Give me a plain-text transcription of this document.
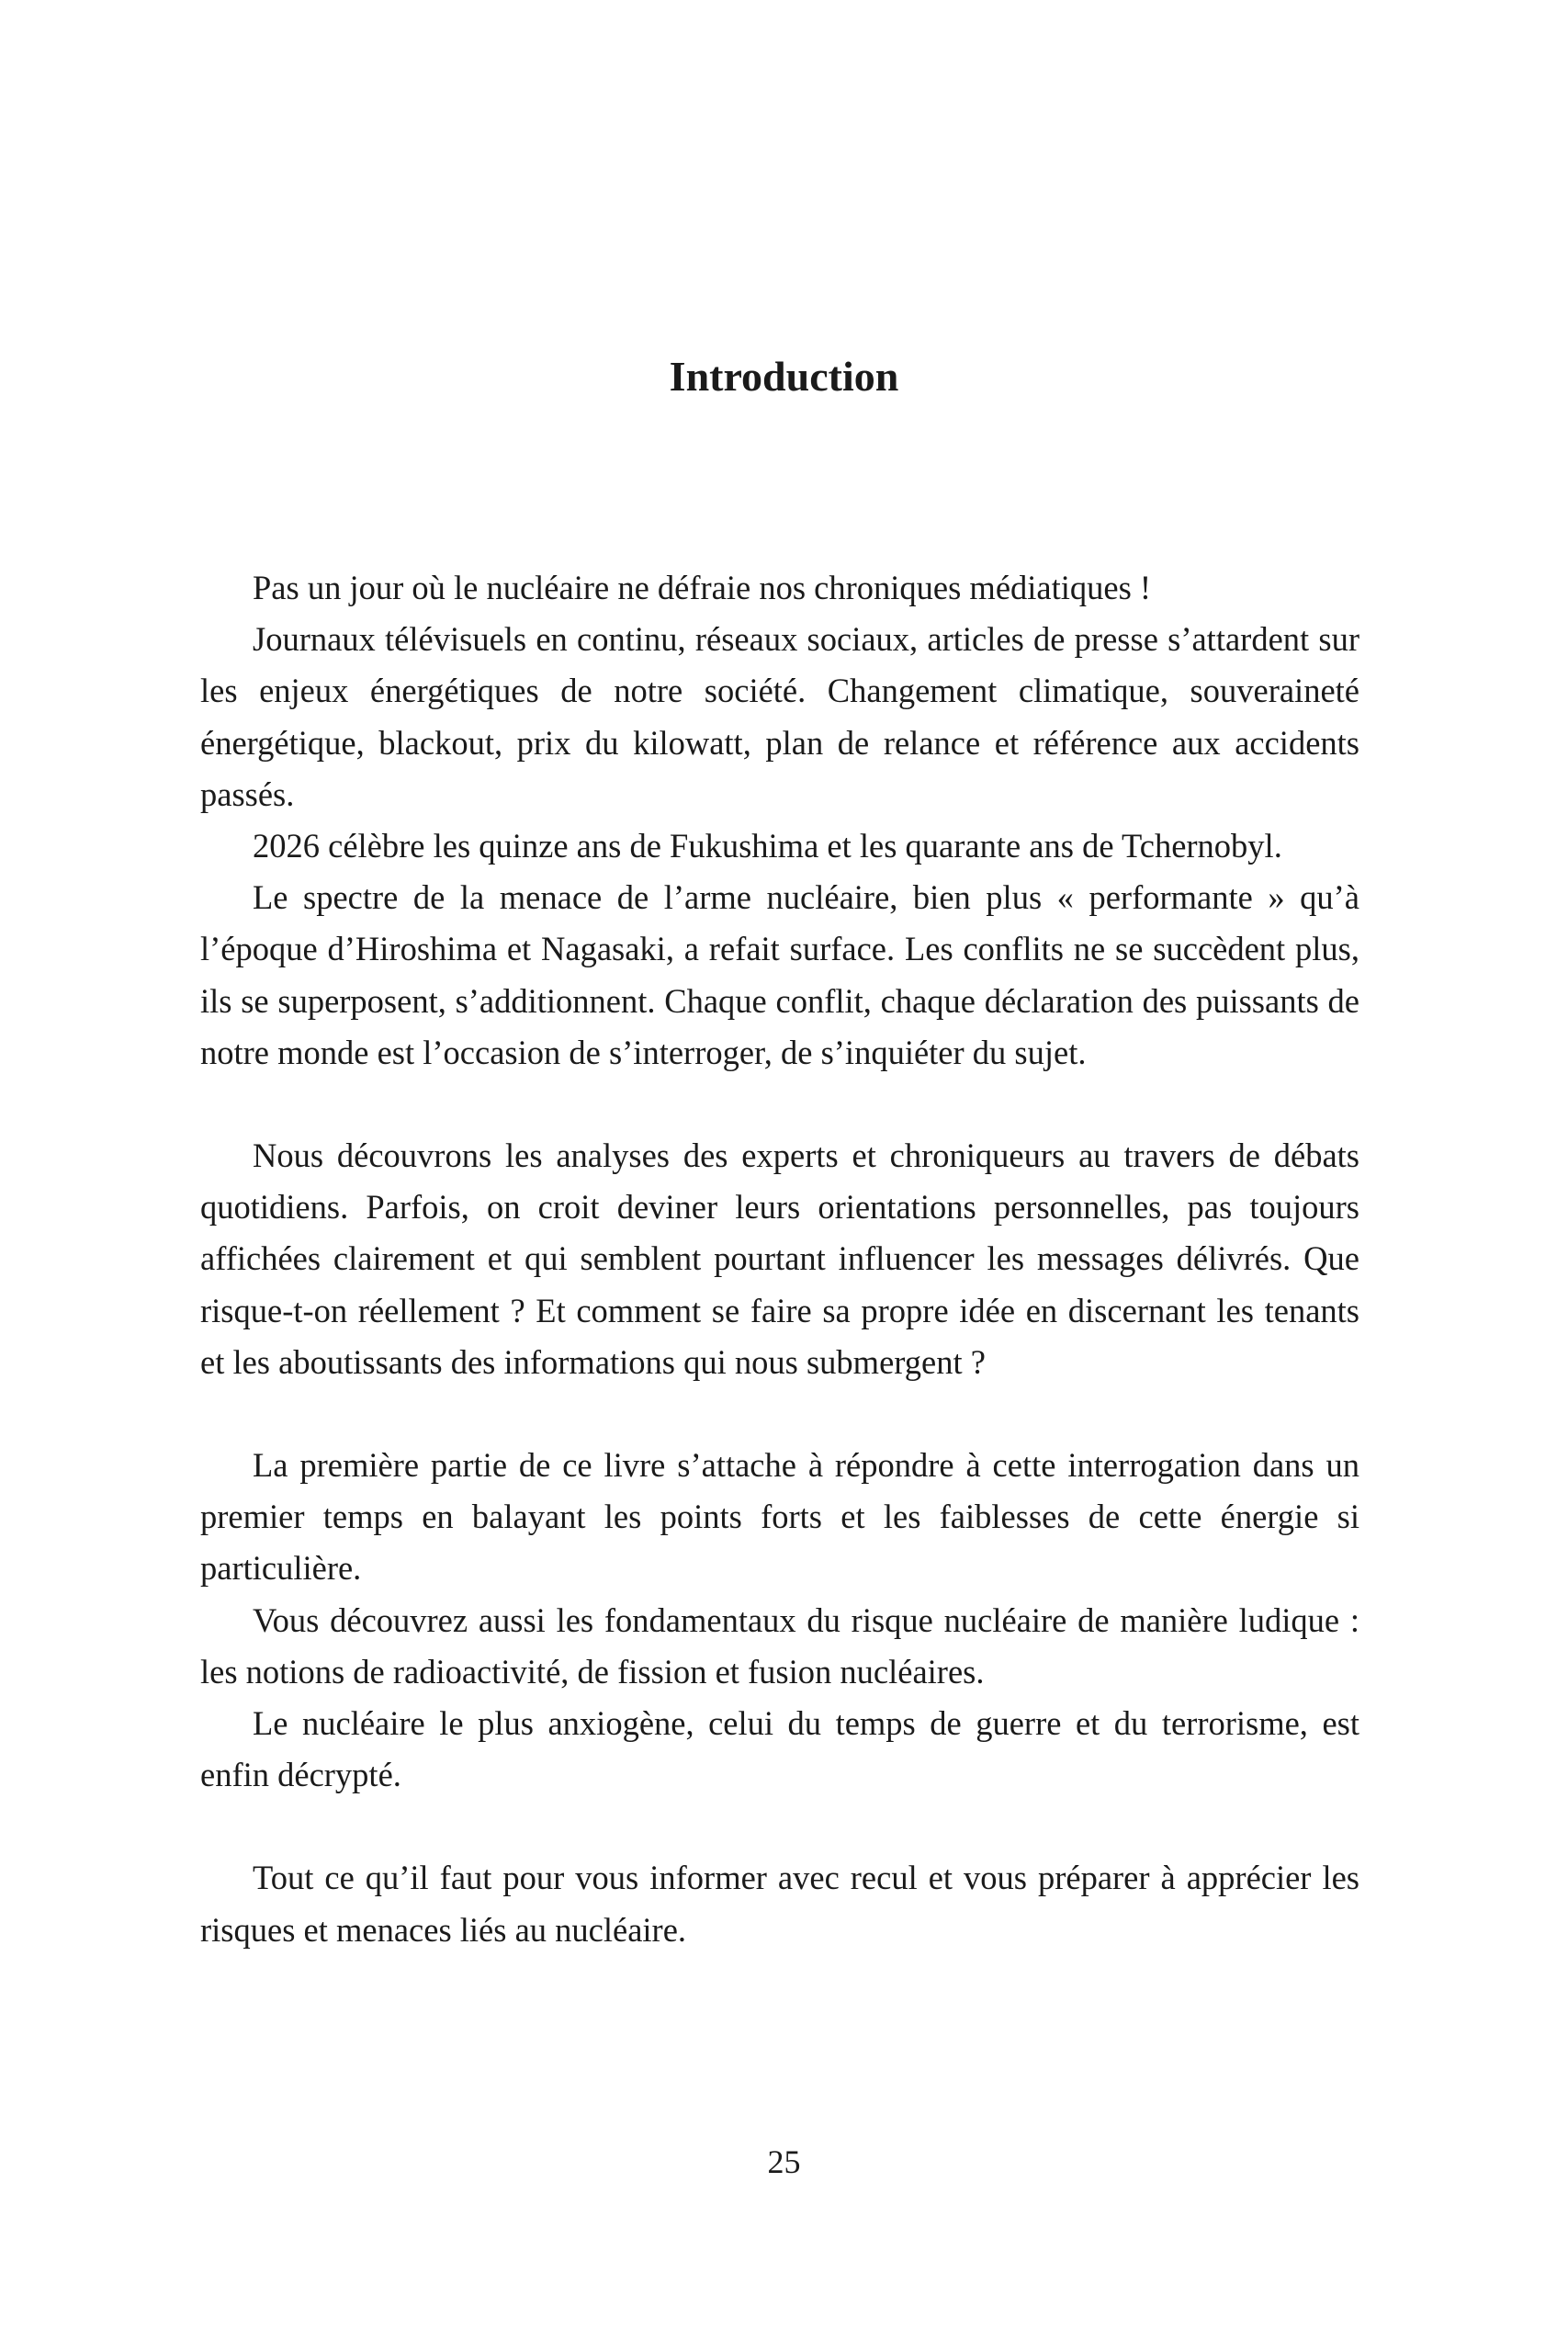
Introduction

Pas un jour où le nucléaire ne défraie nos chroniques médiatiques !

Journaux télévisuels en continu, réseaux sociaux, articles de presse s’attardent sur les enjeux énergétiques de notre société. Changement climatique, souveraineté énergétique, blackout, prix du kilowatt, plan de relance et référence aux accidents passés.

2026 célèbre les quinze ans de Fukushima et les quarante ans de Tchernobyl.

Le spectre de la menace de l’arme nucléaire, bien plus « performante » qu’à l’époque d’Hiroshima et Nagasaki, a refait surface. Les conflits ne se succèdent plus, ils se superposent, s’additionnent. Chaque conflit, chaque déclaration des puissants de notre monde est l’occasion de s’interroger, de s’inquiéter du sujet.

Nous découvrons les analyses des experts et chroniqueurs au travers de débats quotidiens. Parfois, on croit deviner leurs orientations personnelles, pas toujours affichées clairement et qui semblent pourtant influencer les messages délivrés. Que risque-t-on réellement ? Et comment se faire sa propre idée en discernant les tenants et les aboutissants des informations qui nous submergent ?

La première partie de ce livre s’attache à répondre à cette interrogation dans un premier temps en balayant les points forts et les faiblesses de cette énergie si particulière.

Vous découvrez aussi les fondamentaux du risque nucléaire de manière ludique : les notions de radioactivité, de fission et fusion nucléaires.

Le nucléaire le plus anxiogène, celui du temps de guerre et du terrorisme, est enfin décrypté.

Tout ce qu’il faut pour vous informer avec recul et vous préparer à apprécier les risques et menaces liés au nucléaire.

25
